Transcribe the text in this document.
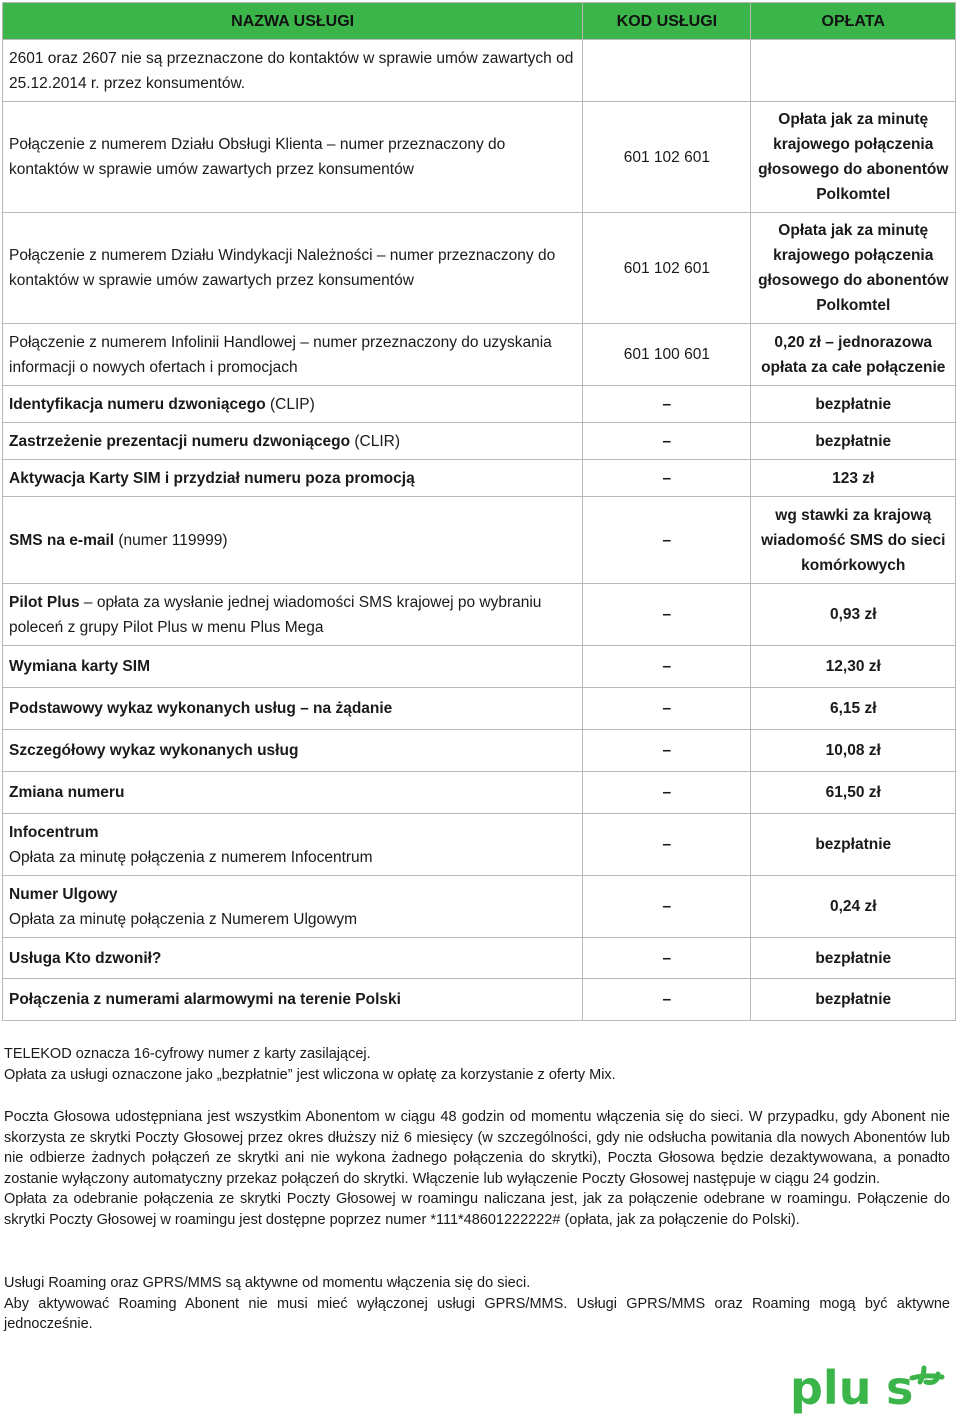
NAZWA USŁUGI	KOD USŁUGI	OPŁATA
2601 oraz 2607 nie są przeznaczone do kontaktów w sprawie umów zawartych od 25.12.2014 r. przez konsumentów.		
Połączenie z numerem Działu Obsługi Klienta – numer przeznaczony do kontaktów w sprawie umów zawartych przez konsumentów	601 102 601	Opłata jak za minutę krajowego połączenia głosowego do abonentów Polkomtel
Połączenie z numerem Działu Windykacji Należności – numer przeznaczony do kontaktów w sprawie umów zawartych przez konsumentów	601 102 601	Opłata jak za minutę krajowego połączenia głosowego do abonentów Polkomtel
Połączenie z numerem Infolinii Handlowej – numer przeznaczony do uzyskania informacji o nowych ofertach i promocjach	601 100 601	0,20 zł – jednorazowa opłata za całe połączenie
Identyfikacja numeru dzwoniącego (CLIP)	–	bezpłatnie
Zastrzeżenie prezentacji numeru dzwoniącego (CLIR)	–	bezpłatnie
Aktywacja Karty SIM i przydział numeru poza promocją	–	123 zł
SMS na e-mail (numer 119999)	–	wg stawki za krajową wiadomość SMS do sieci komórkowych
Pilot Plus – opłata za wysłanie jednej wiadomości SMS krajowej po wybraniu poleceń z grupy Pilot Plus w menu Plus Mega	–	0,93 zł
Wymiana karty SIM	–	12,30 zł
Podstawowy wykaz wykonanych usług – na żądanie	–	6,15 zł
Szczegółowy wykaz wykonanych usług	–	10,08 zł
Zmiana numeru	–	61,50 zł

Infocentrum
Opłata za minutę połączenia z numerem Infocentrum	–	bezpłatnie

Numer Ulgowy
Opłata za minutę połączenia z Numerem Ulgowym	–	0,24 zł
Usługa Kto dzwonił?	–	bezpłatnie
Połączenia z numerami alarmowymi na terenie Polski	–	bezpłatnie

TELEKOD oznacza 16-cyfrowy numer z karty zasilającej.

Opłata za usługi oznaczone jako „bezpłatnie” jest wliczona w opłatę za korzystanie z oferty Mix.

Poczta Głosowa udostępniana jest wszystkim Abonentom w ciągu 48 godzin od momentu włączenia się do sieci. W przypadku, gdy Abonent nie skorzysta ze skrytki Poczty Głosowej przez okres dłuższy niż 6 miesięcy (w szczególności, gdy nie odsłucha powitania dla nowych Abonentów lub nie odbierze żadnych połączeń ze skrytki ani nie wykona żadnego połączenia do skrytki), Poczta Głosowa będzie dezaktywowana, a ponadto zostanie wyłączony automatyczny przekaz połączeń do skrytki. Włączenie lub wyłączenie Poczty Głosowej następuje w ciągu 24 godzin.

Opłata za odebranie połączenia ze skrytki Poczty Głosowej w roamingu naliczana jest, jak za połączenie odebrane w roamingu. Połączenie do skrytki Poczty Głosowej w roamingu jest dostępne poprzez numer *111*48601222222# (opłata, jak za połączenie do Polski).

Usługi Roaming oraz GPRS/MMS są aktywne od momentu włączenia się do sieci.

Aby aktywować Roaming Abonent nie musi mieć wyłączonej usługi GPRS/MMS. Usługi GPRS/MMS oraz Roaming mogą być aktywne jednocześnie.

plu s
